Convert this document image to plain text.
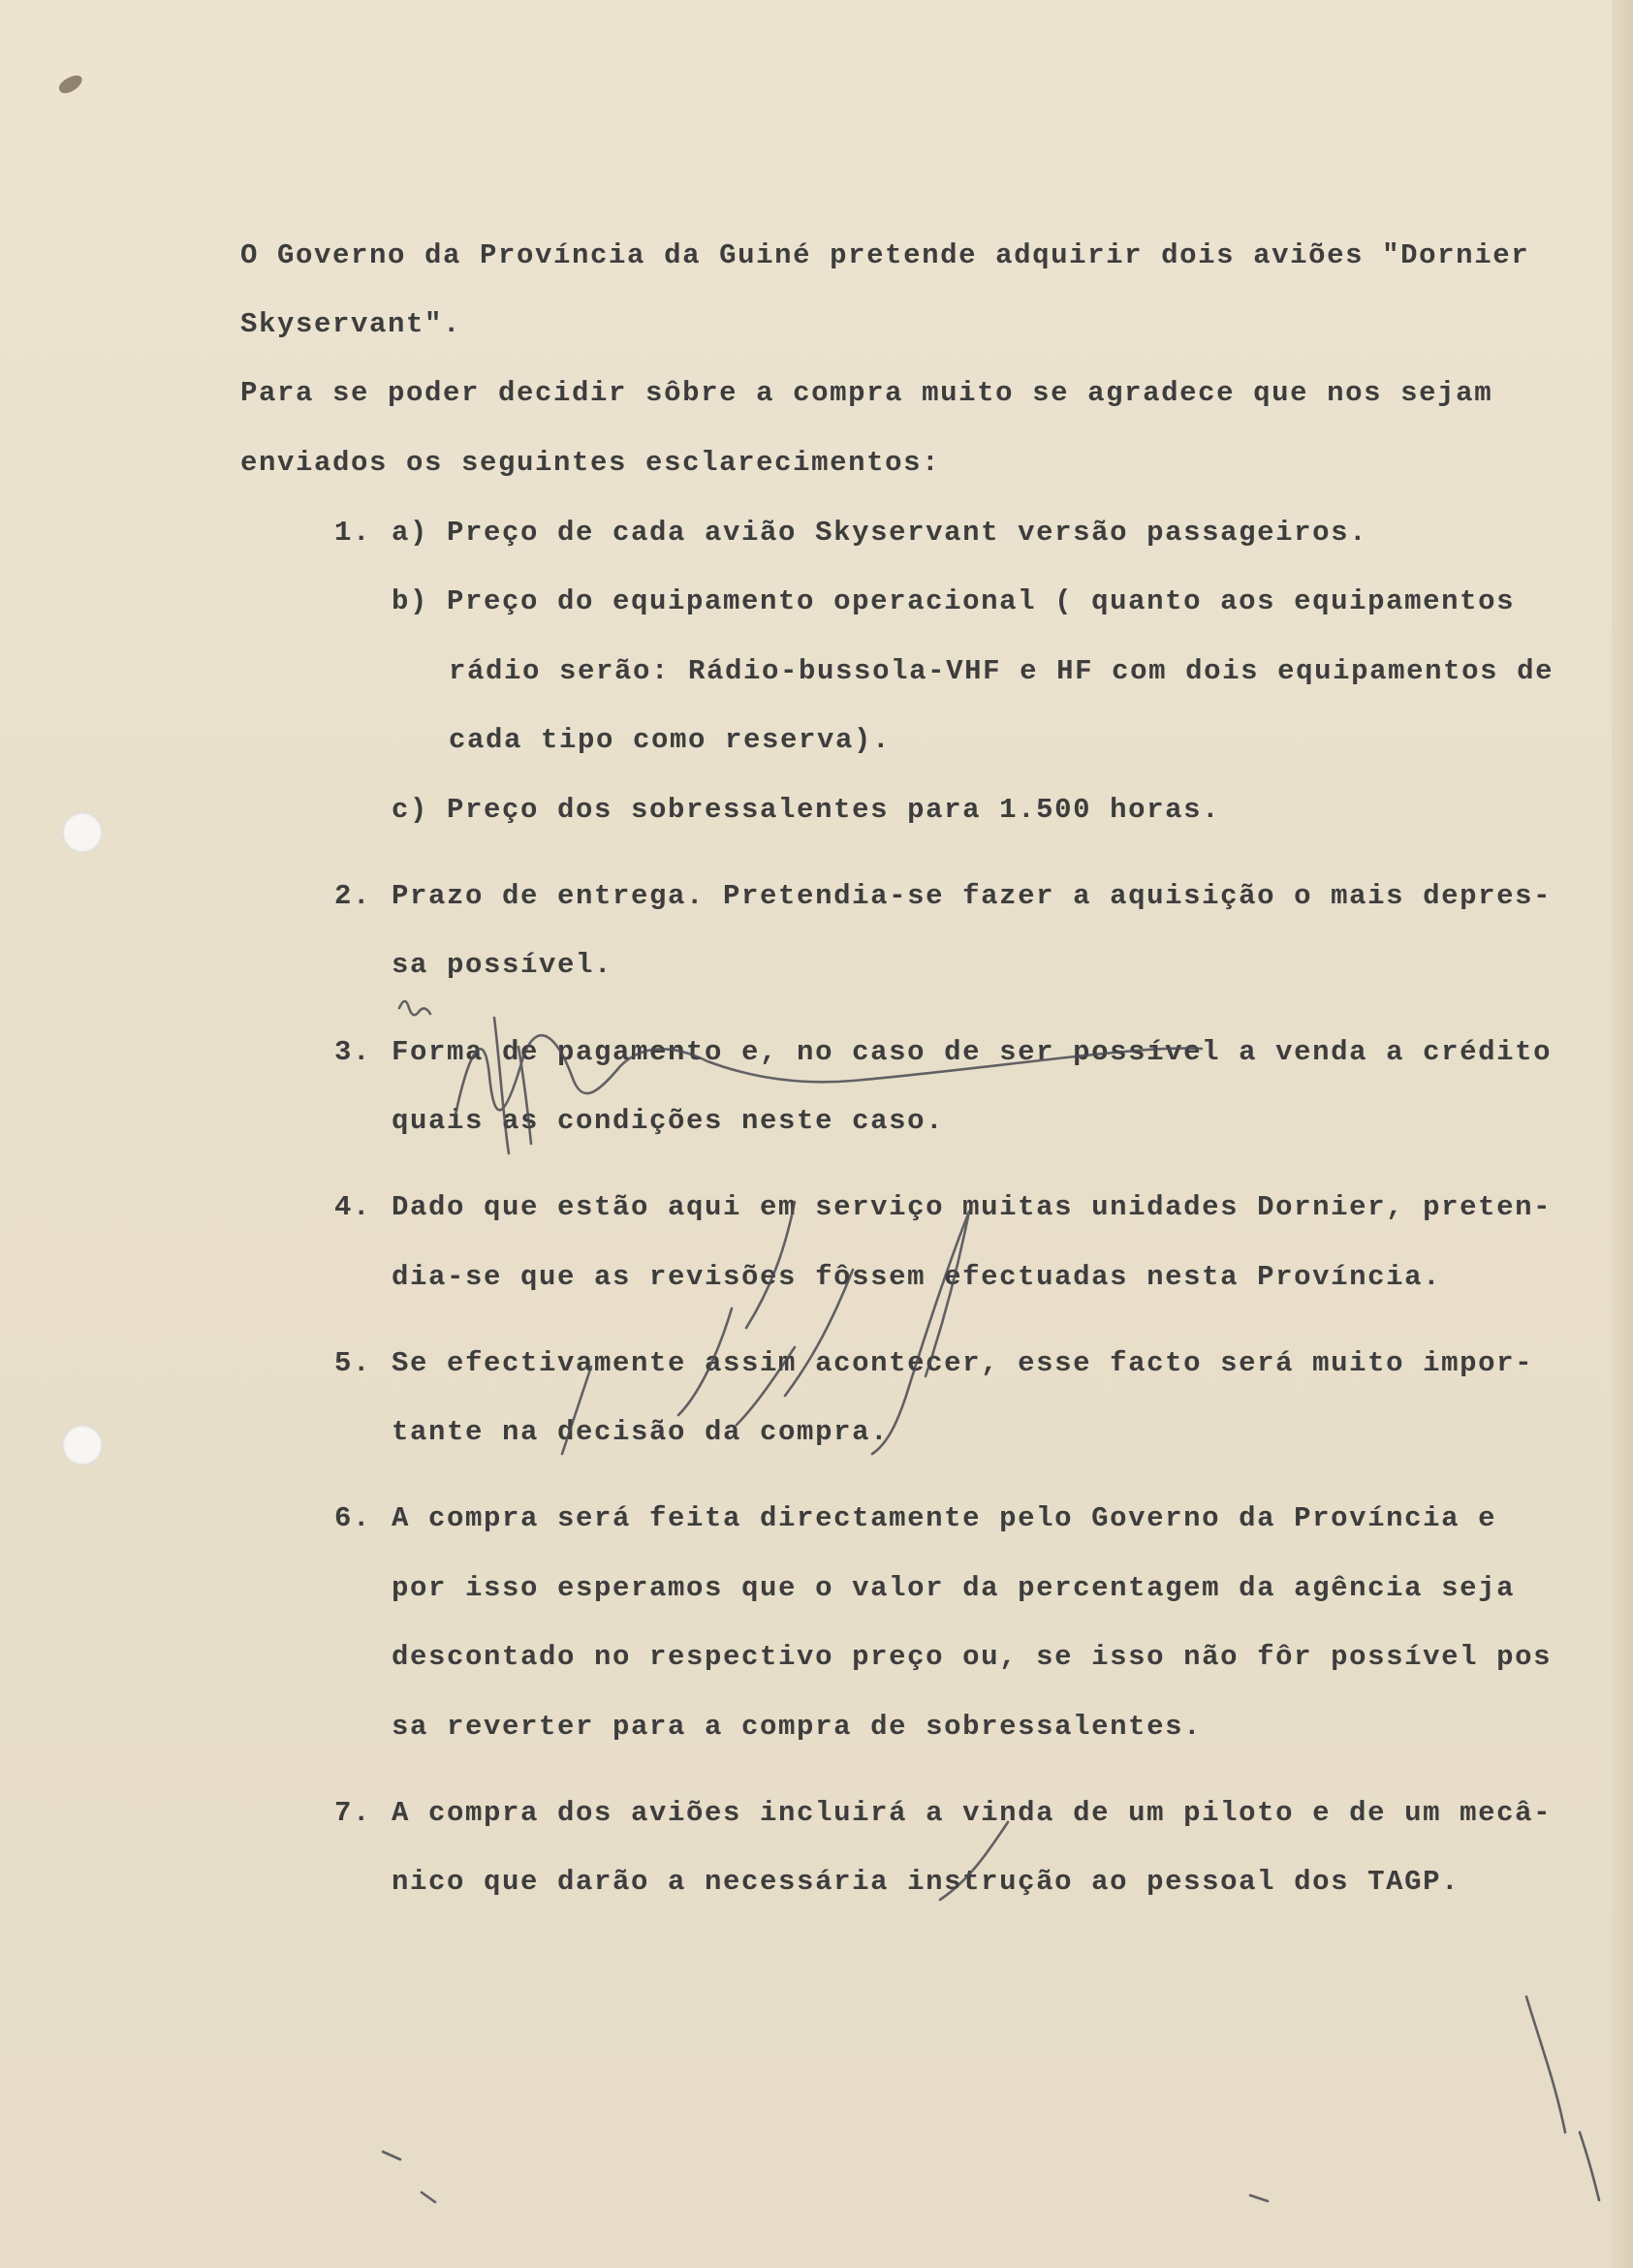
O Governo da Província da Guiné pretende adquirir dois aviões "Dornier
Skyservant".
Para se poder decidir sôbre a compra muito se agradece que nos sejam
enviados os seguintes esclarecimentos:
1. a) Preço de cada avião Skyservant versão passageiros.
b) Preço do equipamento operacional ( quanto aos equipamentos
rádio serão: Rádio-bussola-VHF e HF com dois equipamentos de
cada tipo como reserva).
c) Preço dos sobressalentes para 1.500 horas.
2. Prazo de entrega. Pretendia-se fazer a aquisição o mais depres-
sa possível.
3. Forma de pagamento e, no caso de ser possível a venda a crédito
quais as condições neste caso.
4. Dado que estão aqui em serviço muitas unidades Dornier, preten-
dia-se que as revisões fôssem efectuadas nesta Província.
5. Se efectivamente assim acontecer, esse facto será muito impor-
tante na decisão da compra.
6. A compra será feita directamente pelo Governo da Província e
por isso esperamos que o valor da percentagem da agência seja
descontado no respectivo preço ou, se isso não fôr possível pos
sa reverter para a compra de sobressalentes.
7. A compra dos aviões incluirá a vinda de um piloto e de um mecâ-
nico que darão a necessária instrução ao pessoal dos TAGP.
